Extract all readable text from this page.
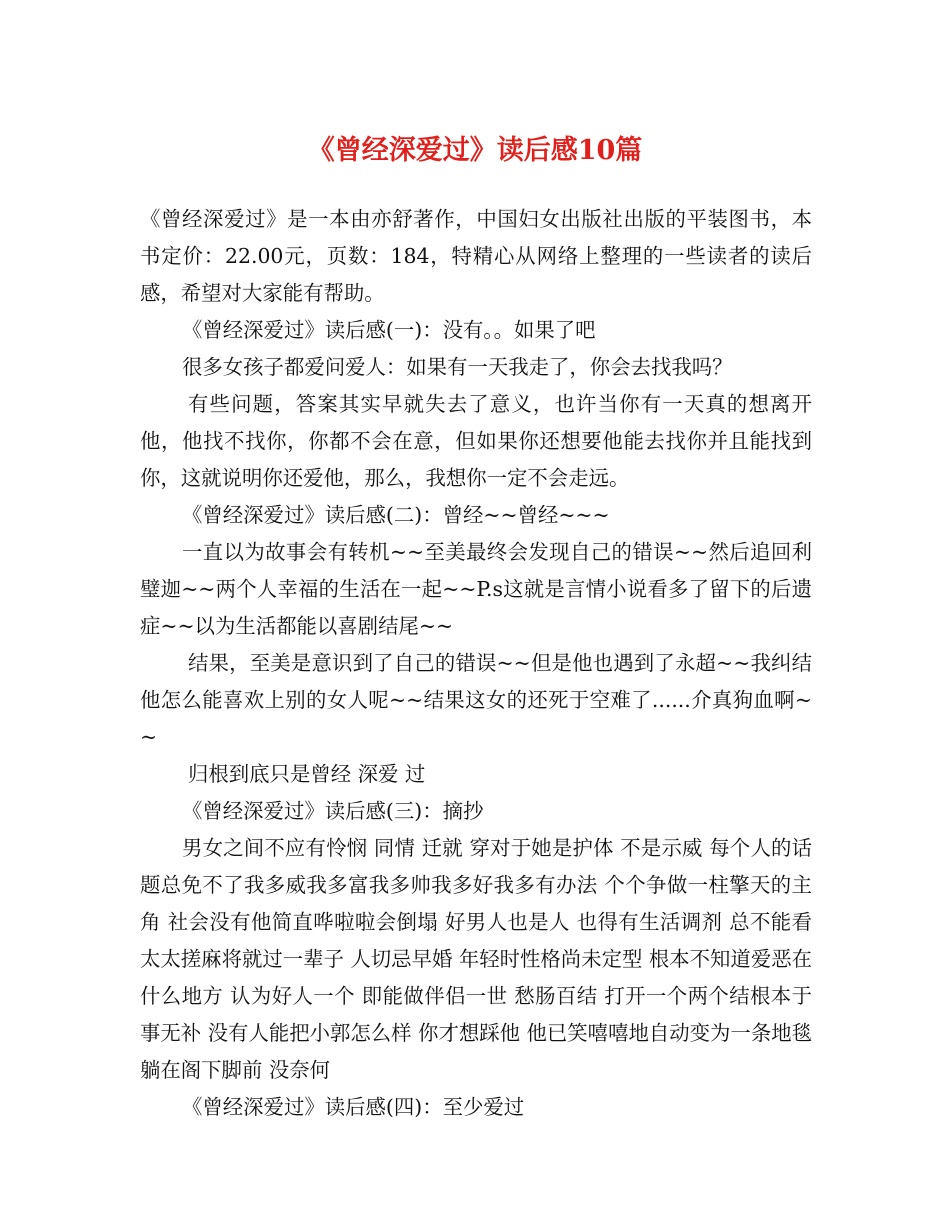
《曾经深爱过》读后感10篇

《曾经深爱过》是一本由亦舒著作，中国妇女出版社出版的平装图书，本书定价：22.00元，页数：184，特精心从网络上整理的一些读者的读后感，希望对大家能有帮助。

《曾经深爱过》读后感(一)：没有。。如果了吧

很多女孩子都爱问爱人：如果有一天我走了，你会去找我吗？

有些问题，答案其实早就失去了意义，也许当你有一天真的想离开他，他找不找你，你都不会在意，但如果你还想要他能去找你并且能找到你，这就说明你还爱他，那么，我想你一定不会走远。

《曾经深爱过》读后感(二)：曾经~~曾经~~~

一直以为故事会有转机~~至美最终会发现自己的错误~~然后追回利璧迦~~两个人幸福的生活在一起~~P.s这就是言情小说看多了留下的后遗症~~以为生活都能以喜剧结尾~~

结果，至美是意识到了自己的错误~~但是他也遇到了永超~~我纠结他怎么能喜欢上别的女人呢~~结果这女的还死于空难了......介真狗血啊~~

归根到底只是曾经 深爱 过

《曾经深爱过》读后感(三)：摘抄

男女之间不应有怜悯 同情 迁就 穿对于她是护体 不是示威 每个人的话题总免不了我多威我多富我多帅我多好我多有办法 个个争做一柱擎天的主角 社会没有他简直哗啦啦会倒塌 好男人也是人 也得有生活调剂 总不能看太太搓麻将就过一辈子 人切忌早婚 年轻时性格尚未定型 根本不知道爱恶在什么地方 认为好人一个 即能做伴侣一世 愁肠百结 打开一个两个结根本于事无补 没有人能把小郭怎么样 你才想踩他 他已笑嘻嘻地自动变为一条地毯躺在阁下脚前 没奈何

《曾经深爱过》读后感(四)：至少爱过
